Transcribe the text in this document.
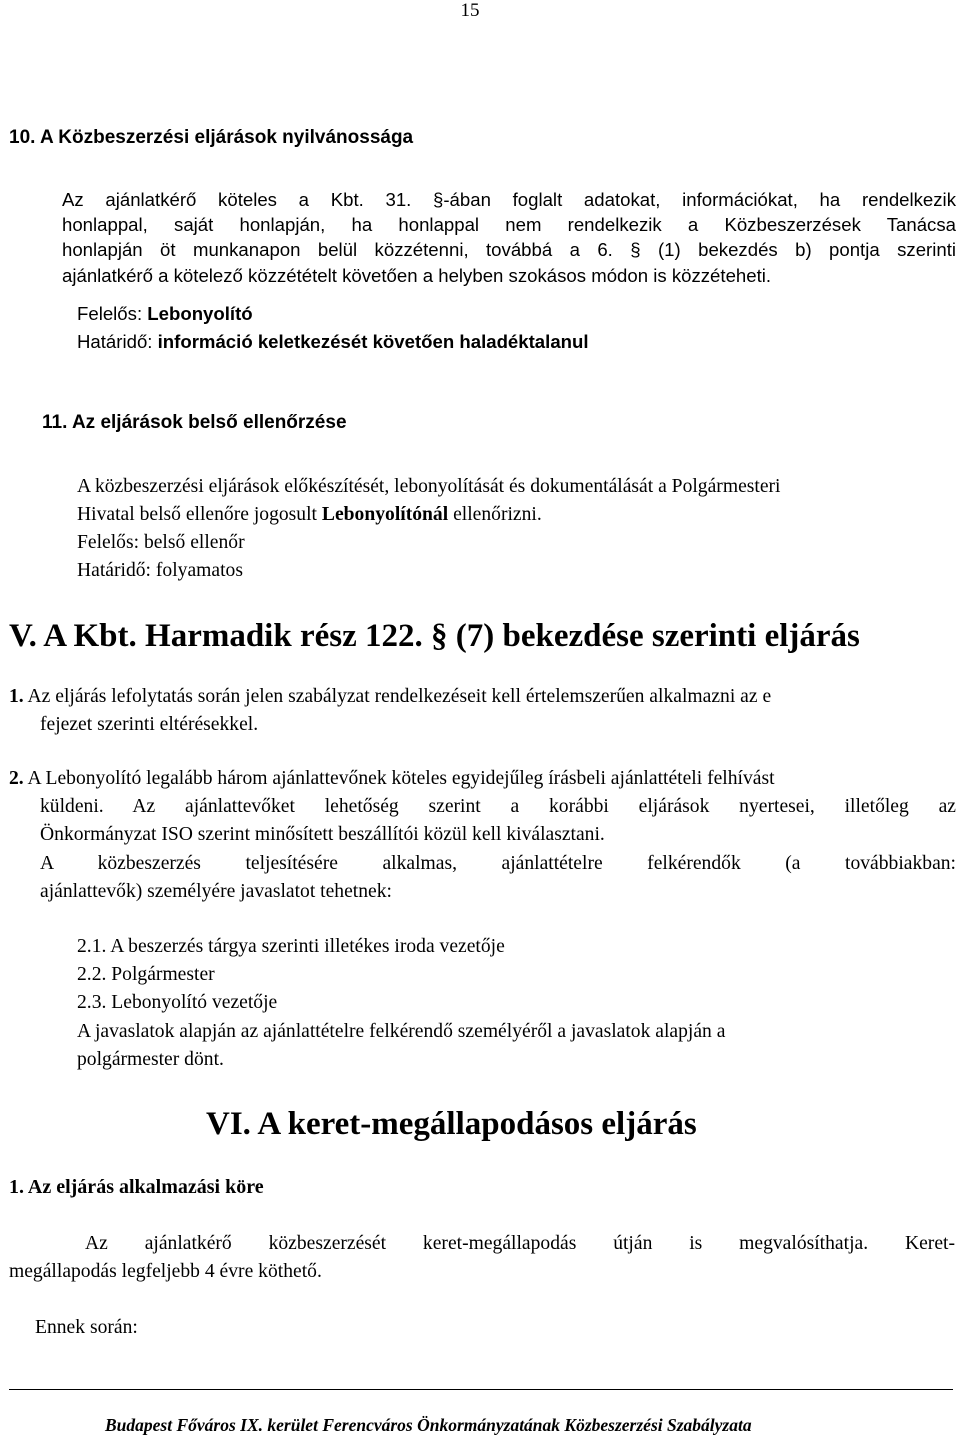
15
10. A Közbeszerzési eljárások nyilvánossága
Az ajánlatkérő köteles a Kbt. 31. §-ában foglalt adatokat, információkat, ha rendelkezik
honlappal, saját honlapján, ha honlappal nem rendelkezik a Közbeszerzések Tanácsa
honlapján öt munkanapon belül közzétenni, továbbá a 6. § (1) bekezdés b) pontja szerinti
ajánlatkérő a kötelező közzétételt követően a helyben szokásos módon is közzéteheti.
Felelős: Lebonyolító
Határidő: információ keletkezését követően haladéktalanul
11. Az eljárások belső ellenőrzése
A közbeszerzési eljárások előkészítését, lebonyolítását és dokumentálását a Polgármesteri
Hivatal belső ellenőre jogosult Lebonyolítónál ellenőrizni.
Felelős: belső ellenőr
Határidő: folyamatos
V. A Kbt. Harmadik rész 122. § (7) bekezdése szerinti eljárás
1. Az eljárás lefolytatás során jelen szabályzat rendelkezéseit kell értelemszerűen alkalmazni az e
fejezet szerinti eltérésekkel.
2. A Lebonyolító legalább három ajánlattevőnek köteles egyidejűleg írásbeli ajánlattételi felhívást
küldeni. Az ajánlattevőket lehetőség szerint a korábbi eljárások nyertesei, illetőleg az
Önkormányzat ISO szerint minősített beszállítói közül kell kiválasztani.
A közbeszerzés teljesítésére alkalmas, ajánlattételre felkérendők (a továbbiakban:
ajánlattevők) személyére javaslatot tehetnek:
2.1. A beszerzés tárgya szerinti illetékes iroda vezetője
2.2. Polgármester
2.3. Lebonyolító vezetője
A javaslatok alapján az ajánlattételre felkérendő személyéről a javaslatok alapján a
polgármester dönt.
VI. A keret-megállapodásos eljárás
1. Az eljárás alkalmazási köre
Az ajánlatkérő közbeszerzését keret-megállapodás útján is megvalósíthatja. Keret-
megállapodás legfeljebb 4 évre köthető.
Ennek során:
Budapest Főváros IX. kerület Ferencváros Önkormányzatának Közbeszerzési Szabályzata
